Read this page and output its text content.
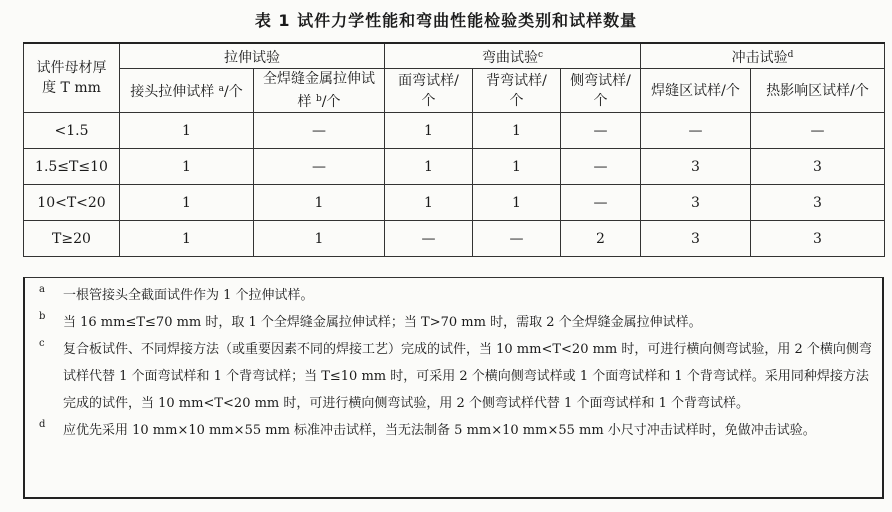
表 1 试件力学性能和弯曲性能检验类别和试样数量
试件母材厚度 T mm	拉伸试验		弯曲试验$^c$			冲击试验$^d$
	接头拉伸试样 $^a$/个	全焊缝金属拉伸试样 $^b$/个	面弯试样/个	背弯试样/个	侧弯试样/个	焊缝区试样/个	热影响区试样/个
<1.5	1	—	1	1	—	—	—
1.5≤T≤10	1	—	1	1	—	3	3
10<T<20	1	1	1	1	—	3	3
T≥20	1	1	—	—	2	3	3
a 一根管接头全截面试件作为 1 个拉伸试样。
b 当 16 mm≤T≤70 mm 时，取 1 个全焊缝金属拉伸试样；当 T>70 mm 时，需取 2 个全焊缝金属拉伸试样。
c 复合板试件、不同焊接方法（或重要因素不同的焊接工艺）完成的试件，当 10 mm<T<20 mm 时，可进行横向侧弯试验，用 2 个横向侧弯试样代替 1 个面弯试样和 1 个背弯试样；当 T≤10 mm 时，可采用 2 个横向侧弯试样或 1 个面弯试样和 1 个背弯试样。采用同种焊接方法完成的试件，当 10 mm<T<20 mm 时，可进行横向侧弯试验，用 2 个侧弯试样代替 1 个面弯试样和 1 个背弯试样。
d 应优先采用 10 mm×10 mm×55 mm 标准冲击试样，当无法制备 5 mm×10 mm×55 mm 小尺寸冲击试样时，免做冲击试验。
